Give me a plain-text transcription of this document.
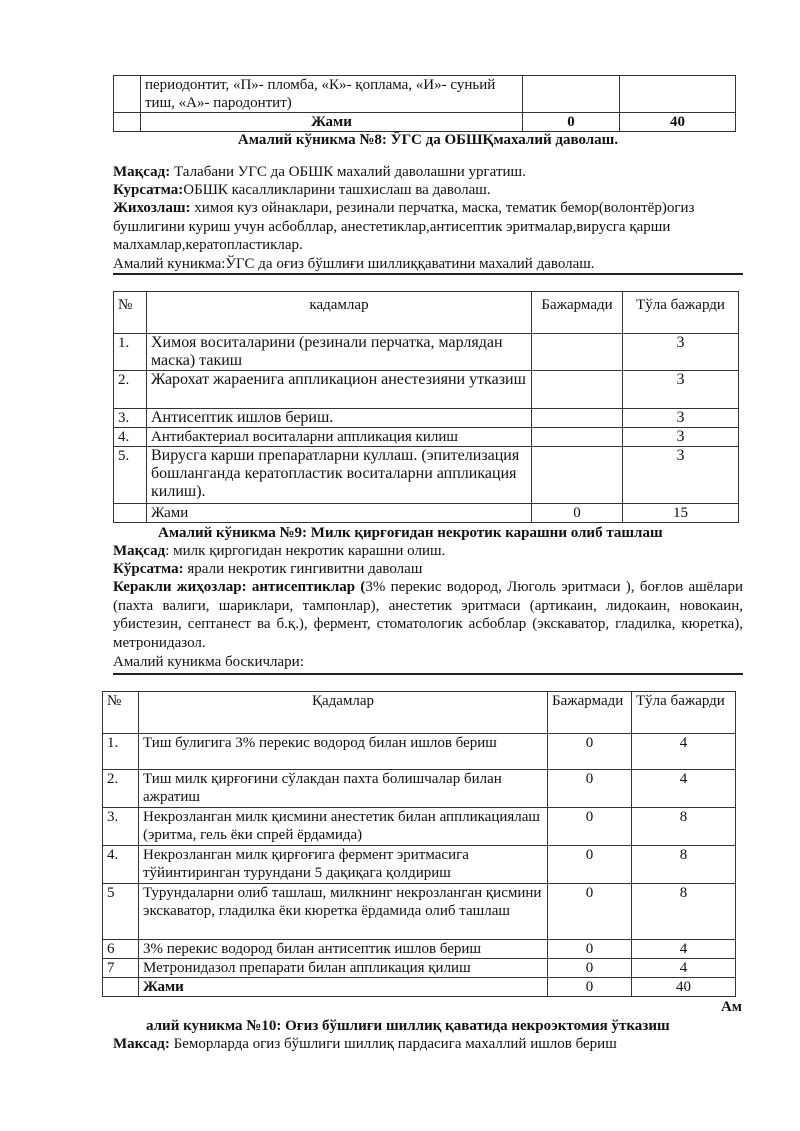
	периодонтит, «П»- пломба, «К»- қоплама, «И»- суньий тиш, «А»- пародонтит)		
	Жами	0	40
Амалий кўникма №8: ЎГС да ОБШҚмахалий даволаш.
Мақсад: Талабани УГС да ОБШК махалий даволашни ургатиш.
Курсатма:ОБШК касалликларини ташхислаш ва даволаш.
Жихозлаш: химоя куз ойнаклари, резинали перчатка, маска, тематик бемор(волонтёр)огиз бушлигини куриш учун асбобллар, анестетиклар,антисептик эритмалар,вирусга қарши малхамлар,кератопластиклар.
Амалий куникма:ЎГС да оғиз бўшлиғи шиллиққаватини махалий даволаш.
№	кадамлар	Бажармади	Тўла бажарди
1.	Химоя воситаларини (резинали перчатка, марлядан маска) такиш		3
2.	Жарохат жараенига аппликацион анестезияни утказиш		3
3.	Антисептик ишлов бериш.		3
4.	Антибактериал воситаларни аппликация килиш		3
5.	Вирусга карши препаратларни куллаш. (эпителизация бошланганда кератопластик воситаларни аппликация килиш).		3
	Жами	0	15
Амалий кўникма №9: Милк қирғоғидан некротик карашни олиб ташлаш
Мақсад: милк қиргогидан некротик карашни олиш.
Кўрсатма: ярали некротик гингивитни даволаш
Керакли жиҳозлар: антисептиклар (3% перекис водород, Люголь эритмаси ), боғлов ашёлари (пахта валиги, шариклари, тампонлар), анестетик эритмаси (артикаин, лидокаин, новокаин, убистезин, септанест ва б.қ.), фермент, стоматологик асбоблар (экскаватор, гладилка, кюретка), метронидазол.
Амалий куникма боскичлари:
№	Қадамлар	Бажармади	Тўла бажарди
1.	Тиш булигига 3% перекис водород билан ишлов бериш	0	4
2.	Тиш милк қирғоғини сўлакдан пахта болишчалар билан ажратиш	0	4
3.	Некрозланган милк қисмини анестетик билан аппликациялаш (эритма, гель ёки спрей ёрдамида)	0	8
4.	Некрозланган милк қирғоғига фермент эритмасига тўйинтиринган турундани 5 дақиқага қолдириш	0	8
5	Турундаларни олиб ташлаш, милкнинг некрозланган қисмини экскаватор, гладилка ёки кюретка ёрдамида олиб ташлаш	0	8
6	3% перекис водород билан антисептик ишлов бериш	0	4
7	Метронидазол препарати билан аппликация қилиш	0	4
	Жами	0	40
Ам
алий куникма №10: Оғиз бўшлиғи шиллиқ қаватида некроэктомия ўтказиш
Максад: Беморларда огиз бўшлиги шиллиқ пардасига махаллий ишлов бериш
